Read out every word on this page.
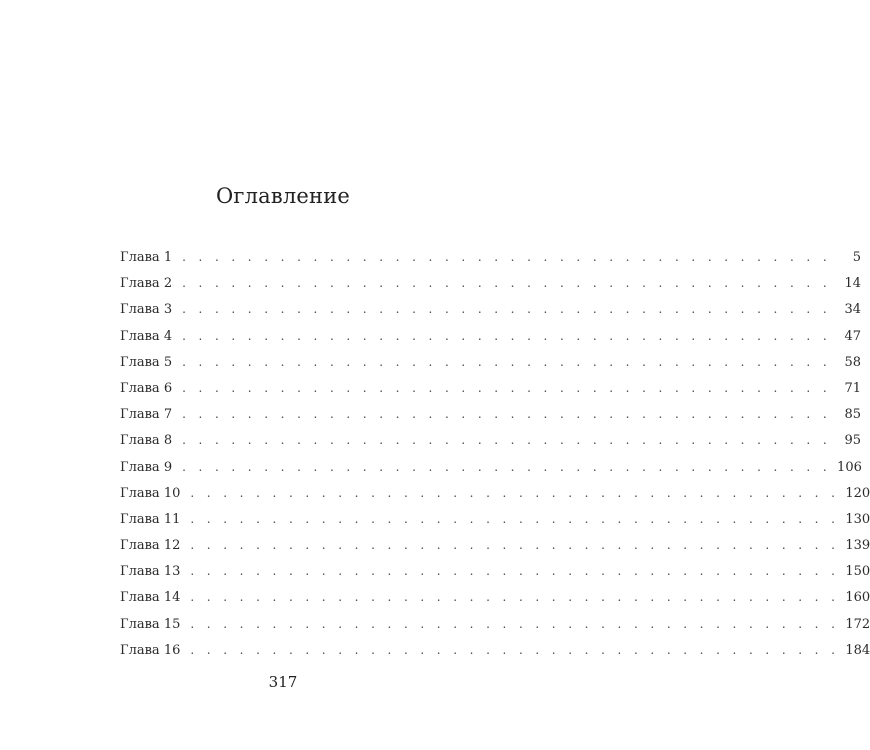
Оглавление
Глава 1 . . . . . . . . . . . . . . . . . . . . . . . . . . . . . . . . . . . . . . . .	5
Глава 2 . . . . . . . . . . . . . . . . . . . . . . . . . . . . . . . . . . . . . . . .	14
Глава 3 . . . . . . . . . . . . . . . . . . . . . . . . . . . . . . . . . . . . . . . .	34
Глава 4 . . . . . . . . . . . . . . . . . . . . . . . . . . . . . . . . . . . . . . . .	47
Глава 5 . . . . . . . . . . . . . . . . . . . . . . . . . . . . . . . . . . . . . . . .	58
Глава 6 . . . . . . . . . . . . . . . . . . . . . . . . . . . . . . . . . . . . . . . .	71
Глава 7 . . . . . . . . . . . . . . . . . . . . . . . . . . . . . . . . . . . . . . . .	85
Глава 8 . . . . . . . . . . . . . . . . . . . . . . . . . . . . . . . . . . . . . . . .	95
Глава 9 . . . . . . . . . . . . . . . . . . . . . . . . . . . . . . . . . . . . . . . . 106
Глава 10 . . . . . . . . . . . . . . . . . . . . . . . . . . . . . . . . . . . . . . . . 120
Глава 11 . . . . . . . . . . . . . . . . . . . . . . . . . . . . . . . . . . . . . . . . 130
Глава 12 . . . . . . . . . . . . . . . . . . . . . . . . . . . . . . . . . . . . . . . . 139
Глава 13 . . . . . . . . . . . . . . . . . . . . . . . . . . . . . . . . . . . . . . . . 150
Глава 14 . . . . . . . . . . . . . . . . . . . . . . . . . . . . . . . . . . . . . . . . 160
Глава 15 . . . . . . . . . . . . . . . . . . . . . . . . . . . . . . . . . . . . . . . . 172
Глава 16 . . . . . . . . . . . . . . . . . . . . . . . . . . . . . . . . . . . . . . . . 184
317
